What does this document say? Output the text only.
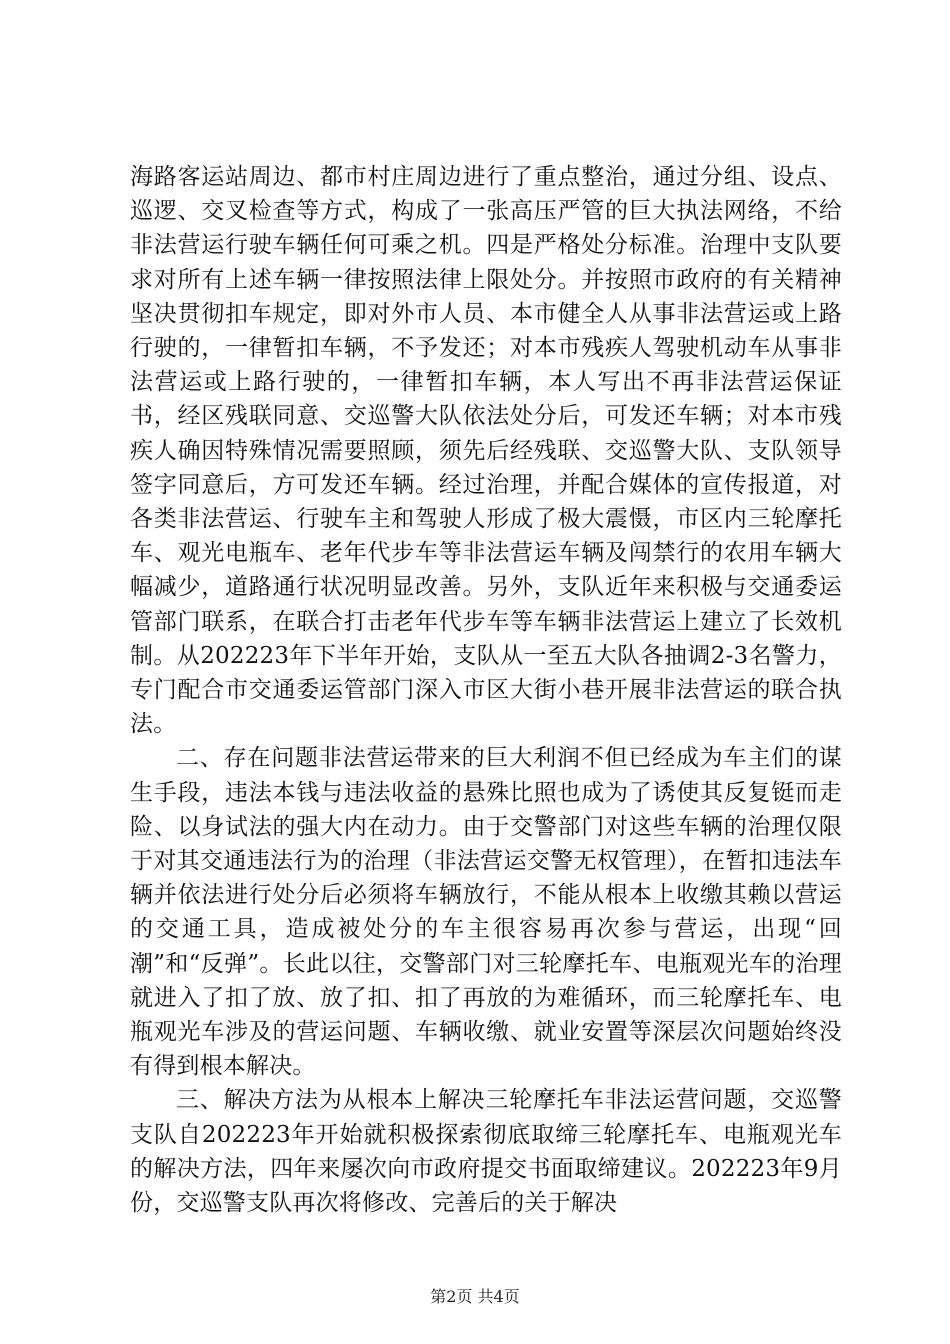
海路客运站周边、都市村庄周边进行了重点整治，通过分组、设点、巡逻、交叉检查等方式，构成了一张高压严管的巨大执法网络，不给非法营运行驶车辆任何可乘之机。四是严格处分标准。治理中支队要求对所有上述车辆一律按照法律上限处分。并按照市政府的有关精神坚决贯彻扣车规定，即对外市人员、本市健全人从事非法营运或上路行驶的，一律暂扣车辆，不予发还；对本市残疾人驾驶机动车从事非法营运或上路行驶的，一律暂扣车辆，本人写出不再非法营运保证书，经区残联同意、交巡警大队依法处分后，可发还车辆；对本市残疾人确因特殊情况需要照顾，须先后经残联、交巡警大队、支队领导签字同意后，方可发还车辆。经过治理，并配合媒体的宣传报道，对各类非法营运、行驶车主和驾驶人形成了极大震慑，市区内三轮摩托车、观光电瓶车、老年代步车等非法营运车辆及闯禁行的农用车辆大幅减少，道路通行状况明显改善。另外，支队近年来积极与交通委运管部门联系，在联合打击老年代步车等车辆非法营运上建立了长效机制。从202223年下半年开始，支队从一至五大队各抽调2-3名警力，专门配合市交通委运管部门深入市区大街小巷开展非法营运的联合执法。

二、存在问题非法营运带来的巨大利润不但已经成为车主们的谋生手段，违法本钱与违法收益的悬殊比照也成为了诱使其反复铤而走险、以身试法的强大内在动力。由于交警部门对这些车辆的治理仅限于对其交通违法行为的治理（非法营运交警无权管理），在暂扣违法车辆并依法进行处分后必须将车辆放行，不能从根本上收缴其赖以营运的交通工具，造成被处分的车主很容易再次参与营运，出现“回潮”和“反弹”。长此以往，交警部门对三轮摩托车、电瓶观光车的治理就进入了扣了放、放了扣、扣了再放的为难循环，而三轮摩托车、电瓶观光车涉及的营运问题、车辆收缴、就业安置等深层次问题始终没有得到根本解决。

三、解决方法为从根本上解决三轮摩托车非法运营问题，交巡警支队自202223年开始就积极探索彻底取缔三轮摩托车、电瓶观光车的解决方法，四年来屡次向市政府提交书面取缔建议。202223年9月份，交巡警支队再次将修改、完善后的关于解决

第2页 共4页
